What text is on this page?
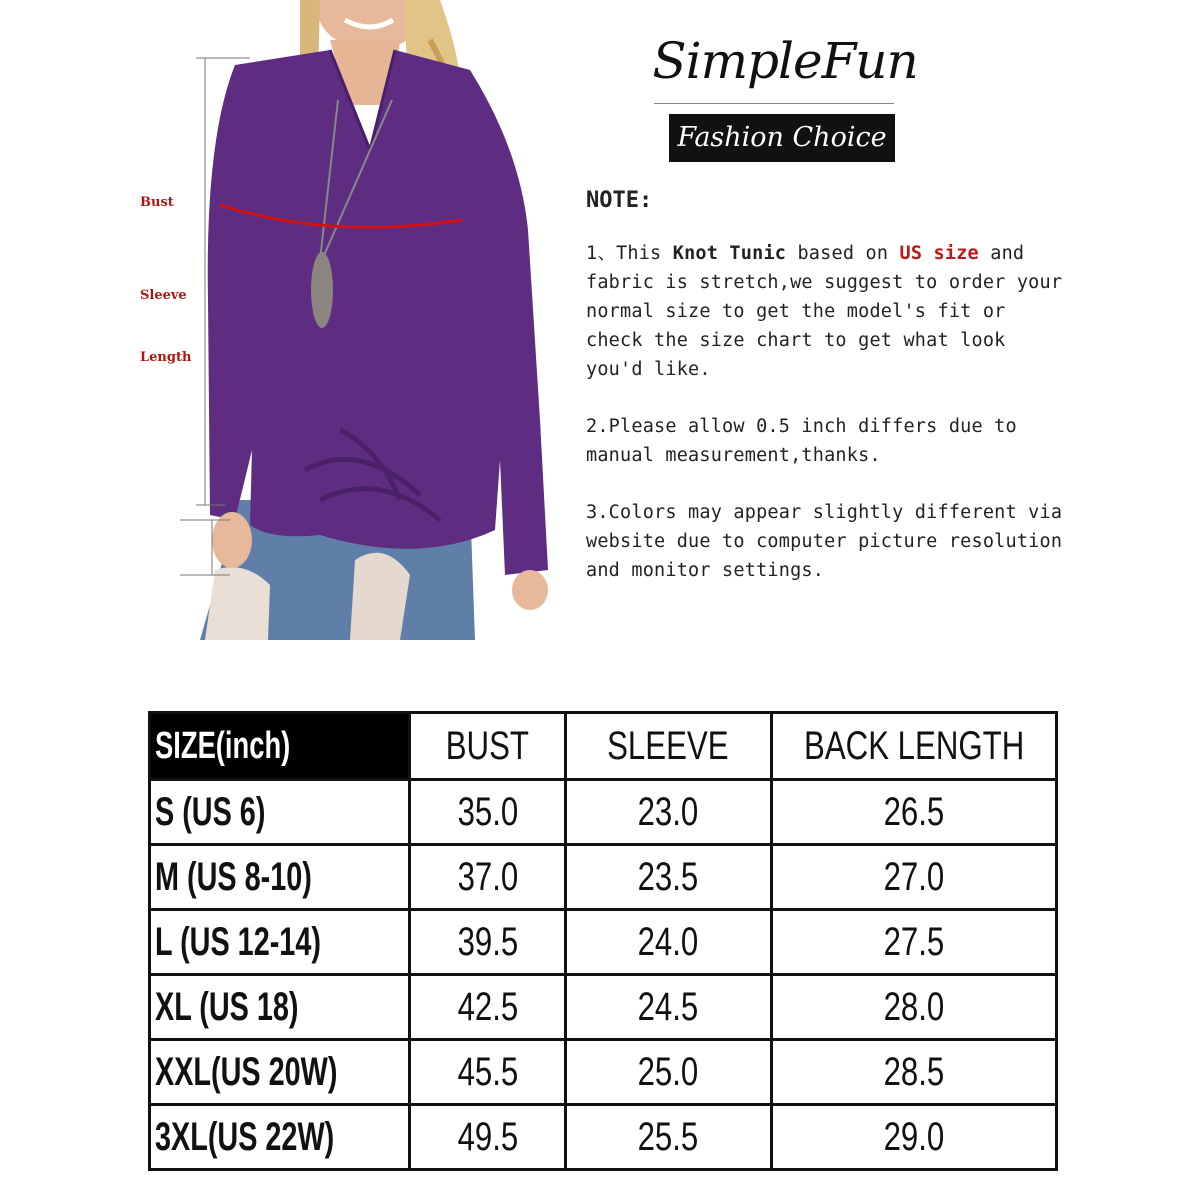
Bust
Sleeve
Length
SimpleFun
Fashion Choice
NOTE:

1、This Knot Tunic based on US size and fabric is stretch,we suggest to order your normal size to get the model's fit or check the size chart to get what look you'd like.

2.Please allow 0.5 inch differs due to manual measurement,thanks.

3.Colors may appear slightly different via website due to computer picture resolution and monitor settings.

SIZE(inch)	BUST	SLEEVE	BACK LENGTH
S (US 6)	35.0	23.0	26.5
M (US 8-10)	37.0	23.5	27.0
L (US 12-14)	39.5	24.0	27.5
XL (US 18)	42.5	24.5	28.0
XXL(US 20W)	45.5	25.0	28.5
3XL(US 22W)	49.5	25.5	29.0
